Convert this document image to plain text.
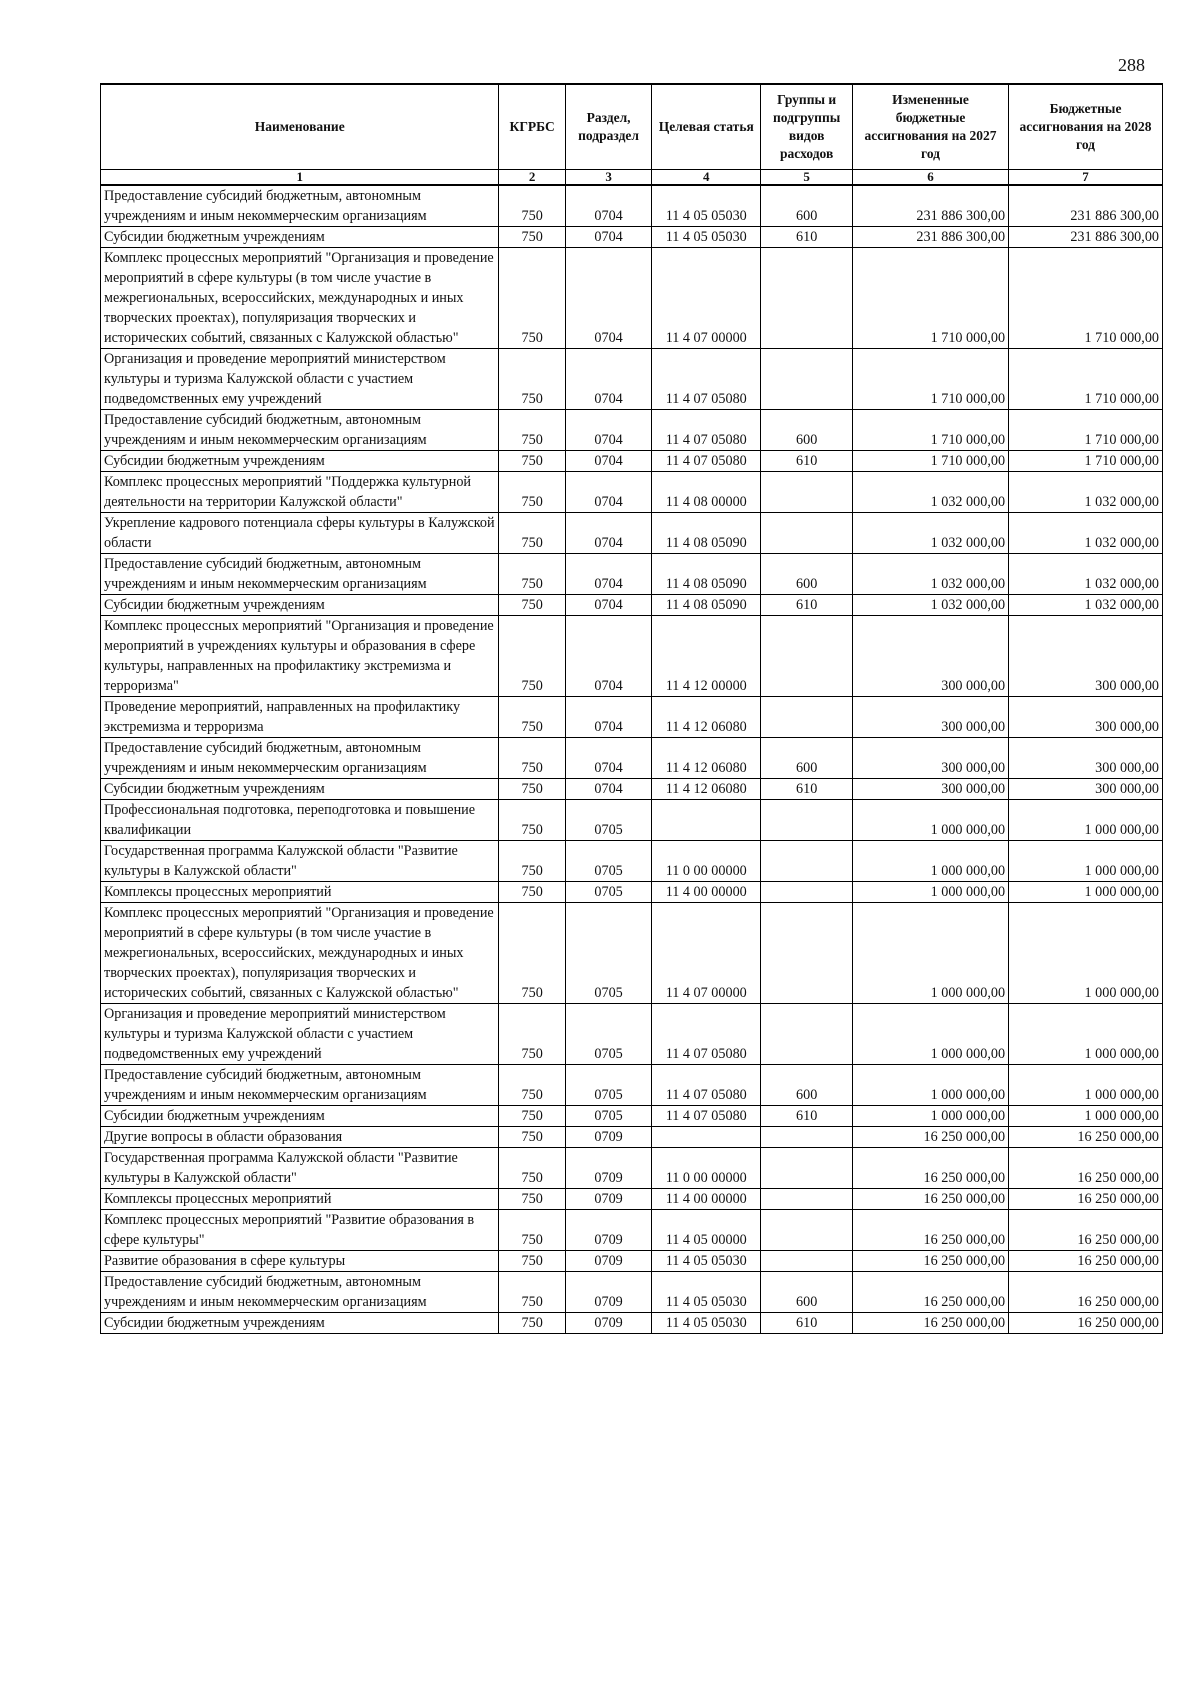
288
Наименование	КГРБС	Раздел, подраздел	Целевая статья	Группы и подгруппы видов расходов	Измененные бюджетные ассигнования на 2027 год	Бюджетные ассигнования на 2028 год
1	2	3	4	5	6	7
Предоставление субсидий бюджетным, автономным учреждениям и иным некоммерческим организациям	750	0704	11 4 05 05030	600	231 886 300,00	231 886 300,00
Субсидии бюджетным учреждениям	750	0704	11 4 05 05030	610	231 886 300,00	231 886 300,00
Комплекс процессных мероприятий "Организация и проведение мероприятий в сфере культуры (в том числе участие в межрегиональных, всероссийских, международных и иных творческих проектах), популяризация творческих и исторических событий, связанных с Калужской областью"	750	0704	11 4 07 00000		1 710 000,00	1 710 000,00
Организация и проведение мероприятий министерством культуры и туризма Калужской области с участием подведомственных ему учреждений	750	0704	11 4 07 05080		1 710 000,00	1 710 000,00
Предоставление субсидий бюджетным, автономным учреждениям и иным некоммерческим организациям	750	0704	11 4 07 05080	600	1 710 000,00	1 710 000,00
Субсидии бюджетным учреждениям	750	0704	11 4 07 05080	610	1 710 000,00	1 710 000,00
Комплекс процессных мероприятий "Поддержка культурной деятельности на территории Калужской области"	750	0704	11 4 08 00000		1 032 000,00	1 032 000,00
Укрепление кадрового потенциала сферы культуры в Калужской области	750	0704	11 4 08 05090		1 032 000,00	1 032 000,00
Предоставление субсидий бюджетным, автономным учреждениям и иным некоммерческим организациям	750	0704	11 4 08 05090	600	1 032 000,00	1 032 000,00
Субсидии бюджетным учреждениям	750	0704	11 4 08 05090	610	1 032 000,00	1 032 000,00
Комплекс процессных мероприятий "Организация и проведение мероприятий в учреждениях культуры и образования в сфере культуры, направленных на профилактику экстремизма и терроризма"	750	0704	11 4 12 00000		300 000,00	300 000,00
Проведение мероприятий, направленных на профилактику экстремизма и терроризма	750	0704	11 4 12 06080		300 000,00	300 000,00
Предоставление субсидий бюджетным, автономным учреждениям и иным некоммерческим организациям	750	0704	11 4 12 06080	600	300 000,00	300 000,00
Субсидии бюджетным учреждениям	750	0704	11 4 12 06080	610	300 000,00	300 000,00
Профессиональная подготовка, переподготовка и повышение квалификации	750	0705			1 000 000,00	1 000 000,00
Государственная программа Калужской области "Развитие культуры в Калужской области"	750	0705	11 0 00 00000		1 000 000,00	1 000 000,00
Комплексы процессных мероприятий	750	0705	11 4 00 00000		1 000 000,00	1 000 000,00
Комплекс процессных мероприятий "Организация и проведение мероприятий в сфере культуры (в том числе участие в межрегиональных, всероссийских, международных и иных творческих проектах), популяризация творческих и исторических событий, связанных с Калужской областью"	750	0705	11 4 07 00000		1 000 000,00	1 000 000,00
Организация и проведение мероприятий министерством культуры и туризма Калужской области с участием подведомственных ему учреждений	750	0705	11 4 07 05080		1 000 000,00	1 000 000,00
Предоставление субсидий бюджетным, автономным учреждениям и иным некоммерческим организациям	750	0705	11 4 07 05080	600	1 000 000,00	1 000 000,00
Субсидии бюджетным учреждениям	750	0705	11 4 07 05080	610	1 000 000,00	1 000 000,00
Другие вопросы в области образования	750	0709			16 250 000,00	16 250 000,00
Государственная программа Калужской области "Развитие культуры в Калужской области"	750	0709	11 0 00 00000		16 250 000,00	16 250 000,00
Комплексы процессных мероприятий	750	0709	11 4 00 00000		16 250 000,00	16 250 000,00
Комплекс процессных мероприятий "Развитие образования в сфере культуры"	750	0709	11 4 05 00000		16 250 000,00	16 250 000,00
Развитие образования в сфере культуры	750	0709	11 4 05 05030		16 250 000,00	16 250 000,00
Предоставление субсидий бюджетным, автономным учреждениям и иным некоммерческим организациям	750	0709	11 4 05 05030	600	16 250 000,00	16 250 000,00
Субсидии бюджетным учреждениям	750	0709	11 4 05 05030	610	16 250 000,00	16 250 000,00
